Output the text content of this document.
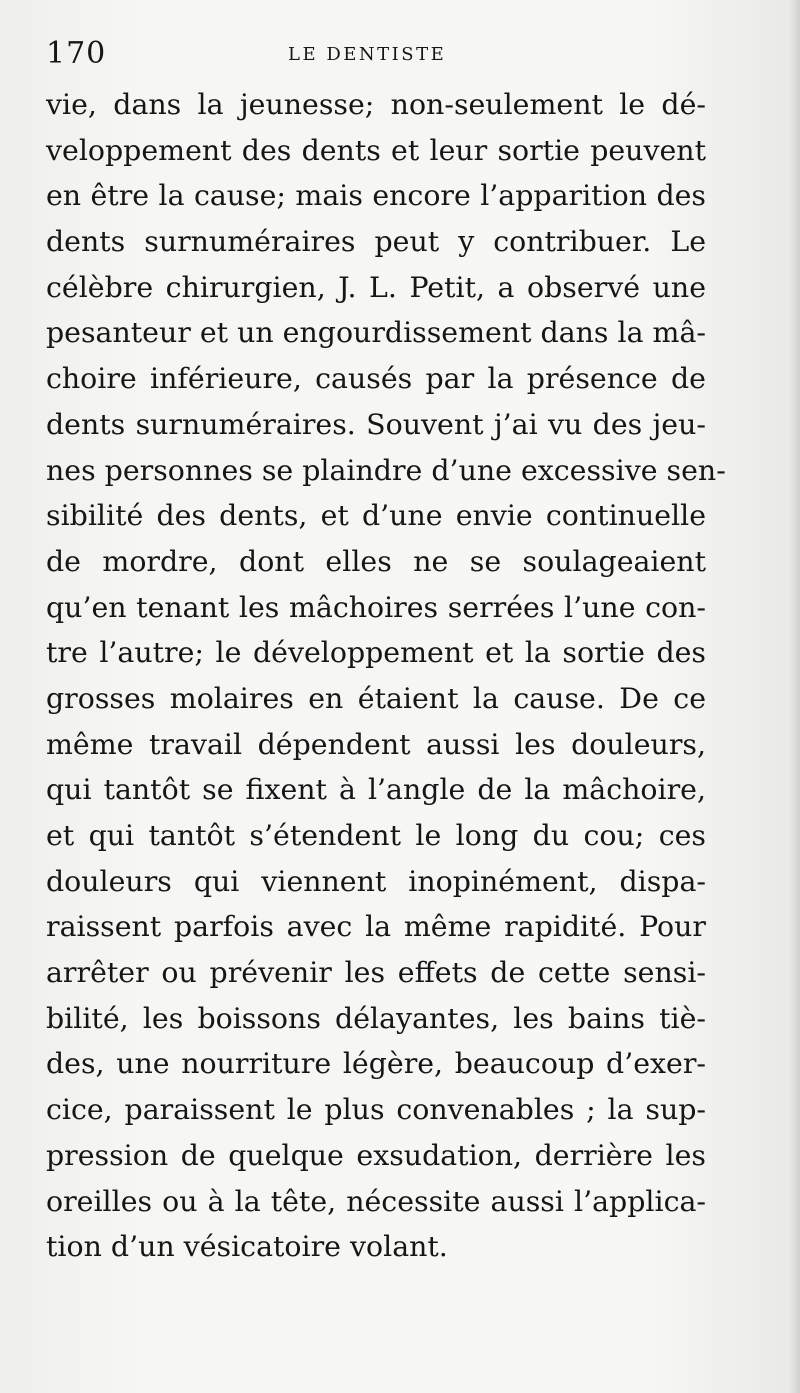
170	LE DENTISTE
vie, dans la jeunesse; non-seulement le dé-
veloppement des dents et leur sortie peuvent
en être la cause; mais encore l’apparition des
dents surnuméraires peut y contribuer. Le
célèbre chirurgien, J. L. Petit, a observé une
pesanteur et un engourdissement dans la mâ-
choire inférieure, causés par la présence de
dents surnuméraires. Souvent j’ai vu des jeu-
nes personnes se plaindre d’une excessive sen-
sibilité des dents, et d’une envie continuelle
de mordre, dont elles ne se soulageaient
qu’en tenant les mâchoires serrées l’une con-
tre l’autre; le développement et la sortie des
grosses molaires en étaient la cause. De ce
même travail dépendent aussi les douleurs,
qui tantôt se fixent à l’angle de la mâchoire,
et qui tantôt s’étendent le long du cou; ces
douleurs qui viennent inopinément, dispa-
raissent parfois avec la même rapidité. Pour
arrêter ou prévenir les effets de cette sensi-
bilité, les boissons délayantes, les bains tiè-
des, une nourriture légère, beaucoup d’exer-
cice, paraissent le plus convenables ; la sup-
pression de quelque exsudation, derrière les
oreilles ou à la tête, nécessite aussi l’applica-
tion d’un vésicatoire volant.
